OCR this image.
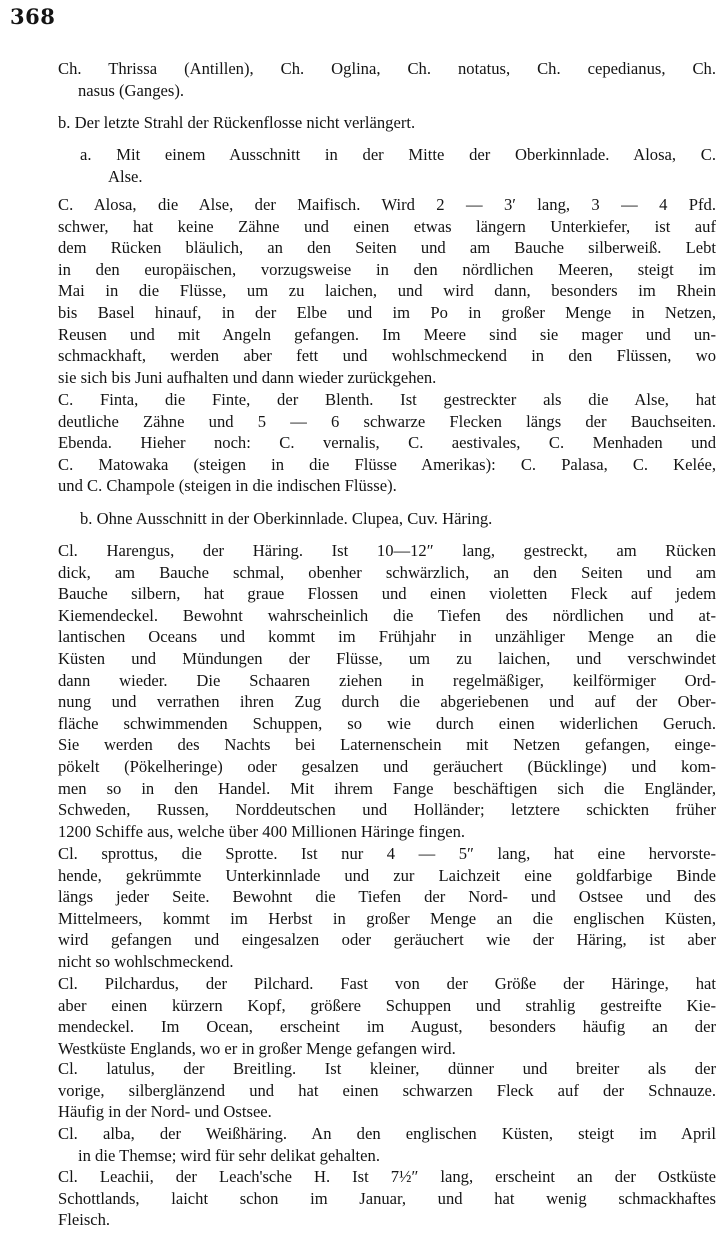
368
Ch. Thrissa (Antillen), Ch. Oglina, Ch. notatus, Ch. cepedianus, Ch.
nasus (Ganges).
b. Der letzte Strahl der Rückenflosse nicht verlängert.
a. Mit einem Ausschnitt in der Mitte der Oberkinnlade. Alosa, C.
Alse.
C. Alosa, die Alse, der Maifisch. Wird 2 — 3′ lang, 3 — 4 Pfd.
schwer, hat keine Zähne und einen etwas längern Unterkiefer, ist auf
dem Rücken bläulich, an den Seiten und am Bauche silberweiß. Lebt
in den europäischen, vorzugsweise in den nördlichen Meeren, steigt im
Mai in die Flüsse, um zu laichen, und wird dann, besonders im Rhein
bis Basel hinauf, in der Elbe und im Po in großer Menge in Netzen,
Reusen und mit Angeln gefangen. Im Meere sind sie mager und un-
schmackhaft, werden aber fett und wohlschmeckend in den Flüssen, wo
sie sich bis Juni aufhalten und dann wieder zurückgehen.
C. Finta, die Finte, der Blenth. Ist gestreckter als die Alse, hat
deutliche Zähne und 5 — 6 schwarze Flecken längs der Bauchseiten.
Ebenda. Hieher noch: C. vernalis, C. aestivales, C. Menhaden und
C. Matowaka (steigen in die Flüsse Amerikas): C. Palasa, C. Kelée,
und C. Champole (steigen in die indischen Flüsse).
b. Ohne Ausschnitt in der Oberkinnlade. Clupea, Cuv. Häring.
Cl. Harengus, der Häring. Ist 10—12″ lang, gestreckt, am Rücken
dick, am Bauche schmal, obenher schwärzlich, an den Seiten und am
Bauche silbern, hat graue Flossen und einen violetten Fleck auf jedem
Kiemendeckel. Bewohnt wahrscheinlich die Tiefen des nördlichen und at-
lantischen Oceans und kommt im Frühjahr in unzähliger Menge an die
Küsten und Mündungen der Flüsse, um zu laichen, und verschwindet
dann wieder. Die Schaaren ziehen in regelmäßiger, keilförmiger Ord-
nung und verrathen ihren Zug durch die abgeriebenen und auf der Ober-
fläche schwimmenden Schuppen, so wie durch einen widerlichen Geruch.
Sie werden des Nachts bei Laternenschein mit Netzen gefangen, einge-
pökelt (Pökelheringe) oder gesalzen und geräuchert (Bücklinge) und kom-
men so in den Handel. Mit ihrem Fange beschäftigen sich die Engländer,
Schweden, Russen, Norddeutschen und Holländer; letztere schickten früher
1200 Schiffe aus, welche über 400 Millionen Häringe fingen.
Cl. sprottus, die Sprotte. Ist nur 4 — 5″ lang, hat eine hervorste-
hende, gekrümmte Unterkinnlade und zur Laichzeit eine goldfarbige Binde
längs jeder Seite. Bewohnt die Tiefen der Nord- und Ostsee und des
Mittelmeers, kommt im Herbst in großer Menge an die englischen Küsten,
wird gefangen und eingesalzen oder geräuchert wie der Häring, ist aber
nicht so wohlschmeckend.
Cl. Pilchardus, der Pilchard. Fast von der Größe der Häringe, hat
aber einen kürzern Kopf, größere Schuppen und strahlig gestreifte Kie-
mendeckel. Im Ocean, erscheint im August, besonders häufig an der
Westküste Englands, wo er in großer Menge gefangen wird.
Cl. latulus, der Breitling. Ist kleiner, dünner und breiter als der
vorige, silberglänzend und hat einen schwarzen Fleck auf der Schnauze.
Häufig in der Nord- und Ostsee.
Cl. alba, der Weißhäring. An den englischen Küsten, steigt im April
in die Themse; wird für sehr delikat gehalten.
Cl. Leachii, der Leach'sche H. Ist 7½″ lang, erscheint an der Ostküste
Schottlands, laicht schon im Januar, und hat wenig schmackhaftes
Fleisch.
